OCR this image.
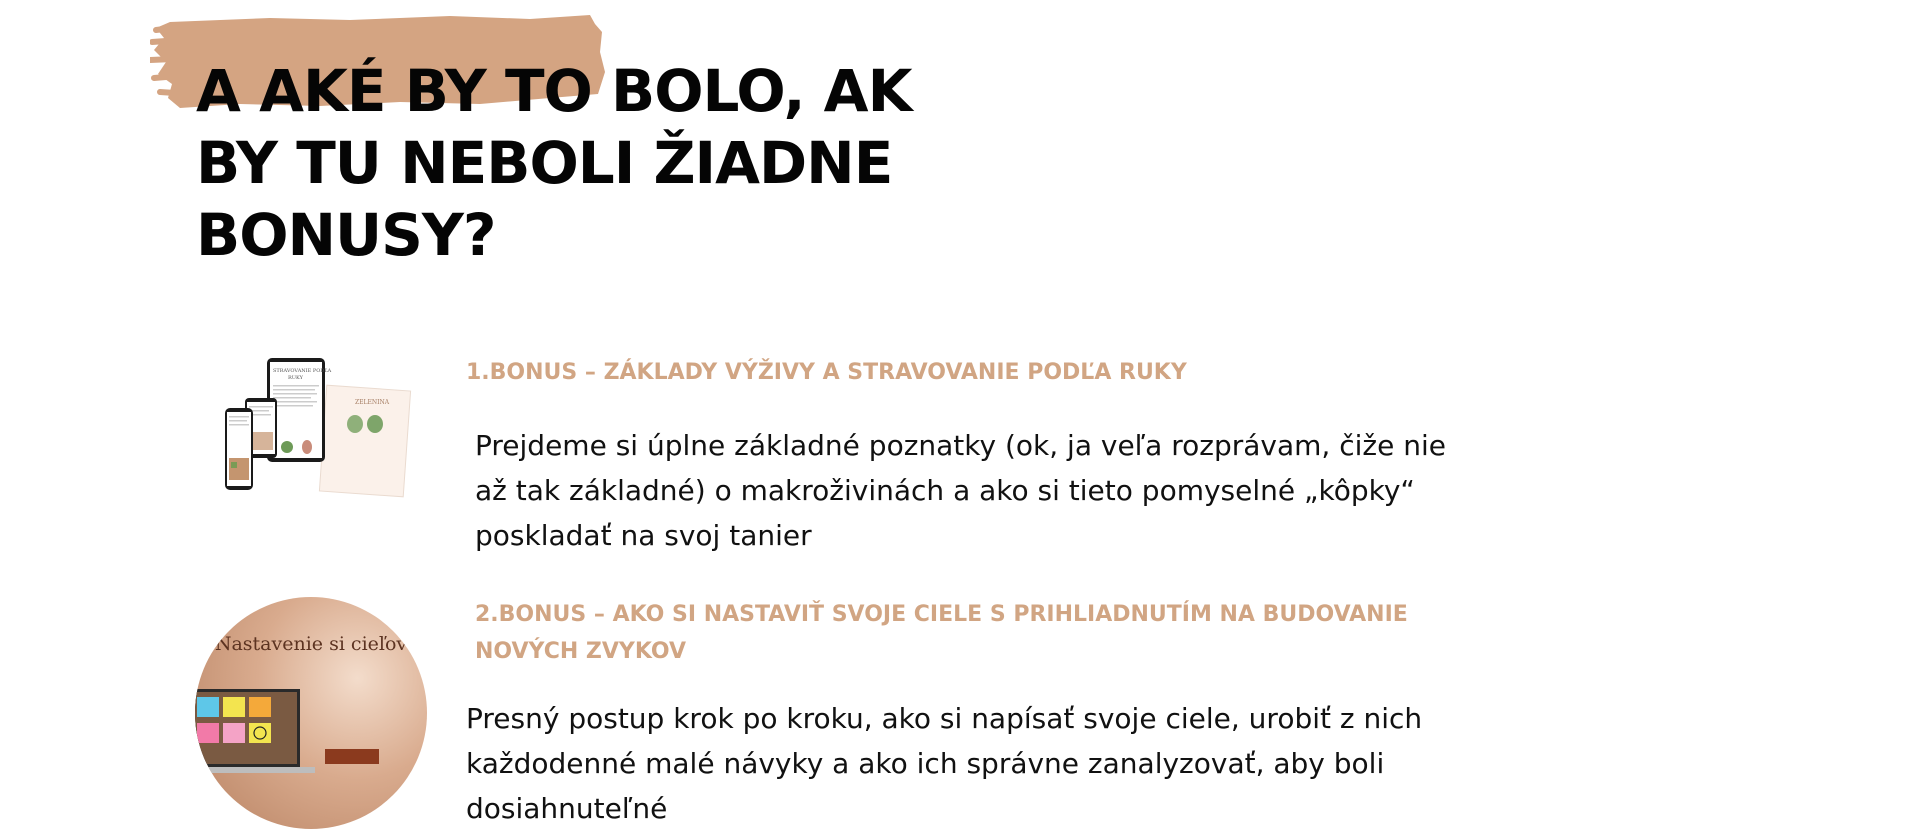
A AKÉ BY TO BOLO, AK
BY TU NEBOLI ŽIADNE
BONUSY?
ZELENINA
STRAVOVANIE PODĽA
RUKY	1.BONUS – ZÁKLADY VÝŽIVY A STRAVOVANIE PODĽA RUKY
Prejdeme si úplne základné poznatky (ok, ja veľa rozprávam, čiže nie
až tak základné) o makroživinách a ako si tieto pomyselné „kôpky“
poskladať na svoj tanier
Nastavenie si cieľov
2.BONUS – AKO SI NASTAVIŤ SVOJE CIELE S PRIHLIADNUTÍM NA BUDOVANIE
NOVÝCH ZVYKOV
Presný postup krok po kroku, ako si napísať svoje ciele, urobiť z nich
každodenné malé návyky a ako ich správne zanalyzovať, aby boli
dosiahnuteľné
